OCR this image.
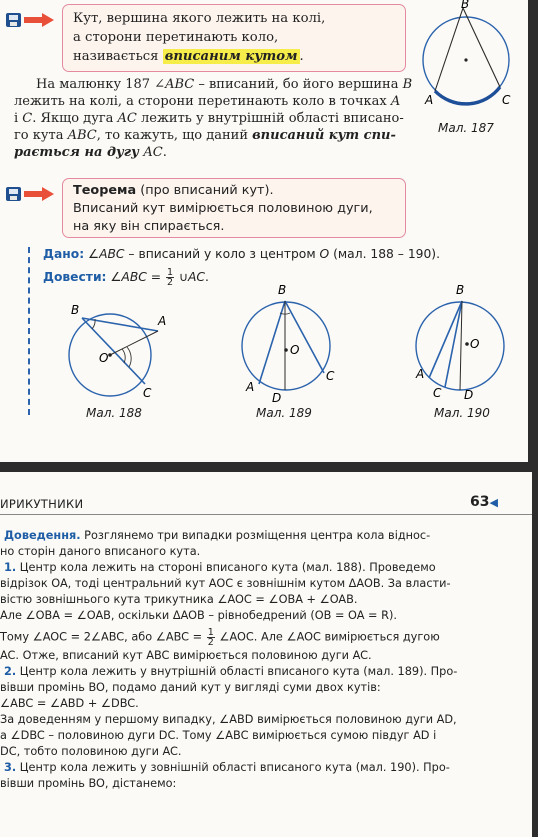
Кут, вершина якого лежить на колі,
а сторони перетинають коло,
називається вписаним кутом .
На малюнку 187 ∠ABC – вписаний, бо його вершина B
лежить на колі, а сторони перетинають коло в точках A
і C. Якщо дуга AC лежить у внутрішній області вписано-
го кута ABC, то кажуть, що даний вписаний кут спи-
рається на дугу AC.
B
A	C
Мал. 187
Теорема (про вписаний кут).
Вписаний кут вимірюється половиною дуги,
на яку він спирається.
Дано: ∠ABC – вписаний у коло з центром O (мал. 188 – 190).
Довести: ∠ABC = $\frac{1}{2}$ ∪AC.
B
A
O
C
Мал. 188
B
O
A
C
D
Мал. 189
B
O
A
C D
Мал. 190
ИРИКУТНИКИ	63◀
Доведення. Розглянемо три випадки розміщення центра кола віднос-
но сторін даного вписаного кута.
1. Центр кола лежить на стороні вписаного кута (мал. 188). Проведемо
відрізок OA, тоді центральний кут AOC є зовнішнім кутом ΔAOB. За власти-
вістю зовнішнього кута трикутника ∠AOC = ∠OBA + ∠OAB.
Але ∠OBA = ∠OAB, оскільки ΔAOB – рівнобедрений (OB = OA = R).
Тому ∠AOC = 2∠ABC, або ∠ABC = $\frac{1}{2}$ ∠AOC. Але ∠AOC вимірюється дугою
AC. Отже, вписаний кут ABC вимірюється половиною дуги AC.
2. Центр кола лежить у внутрішній області вписаного кута (мал. 189). Про-
вівши промінь BO, подамо даний кут у вигляді суми двох кутів:
∠ABC = ∠ABD + ∠DBC.
За доведенням у першому випадку, ∠ABD вимірюється половиною дуги AD,
а ∠DBC – половиною дуги DC. Тому ∠ABC вимірюється сумою півдуг AD і
DC, тобто половиною дуги AC.
3. Центр кола лежить у зовнішній області вписаного кута (мал. 190). Про-
вівши промінь BO, дістанемо:
